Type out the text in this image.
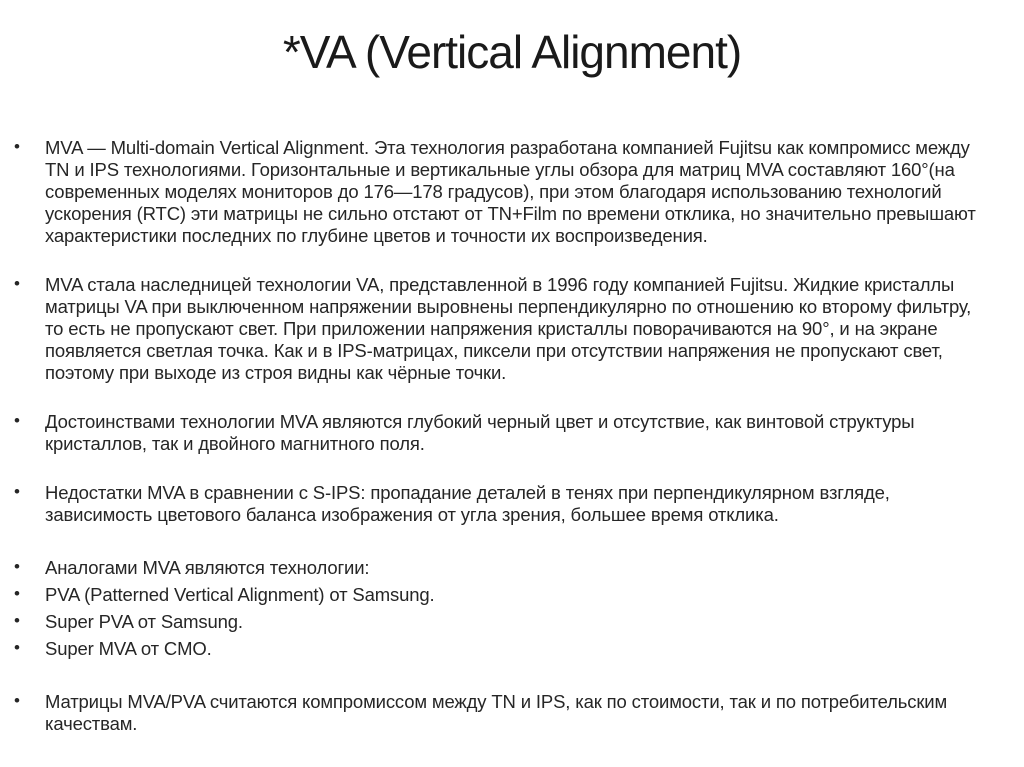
*VA (Vertical Alignment)
• MVA — Multi-domain Vertical Alignment. Эта технология разработана компанией Fujitsu как компромисс между TN и IPS технологиями. Горизонтальные и вертикальные углы обзора для матриц MVA составляют 160°(на современных моделях мониторов до 176—178 градусов), при этом благодаря использованию технологий ускорения (RTC) эти матрицы не сильно отстают от TN+Film по времени отклика, но значительно превышают характеристики последних по глубине цветов и точности их воспроизведения.
• MVA стала наследницей технологии VA, представленной в 1996 году компанией Fujitsu. Жидкие кристаллы матрицы VA при выключенном напряжении выровнены перпендикулярно по отношению ко второму фильтру, то есть не пропускают свет. При приложении напряжения кристаллы поворачиваются на 90°, и на экране появляется светлая точка. Как и в IPS-матрицах, пиксели при отсутствии напряжения не пропускают свет, поэтому при выходе из строя видны как чёрные точки.
• Достоинствами технологии MVA являются глубокий черный цвет и отсутствие, как винтовой структуры кристаллов, так и двойного магнитного поля.
• Недостатки MVA в сравнении с S-IPS: пропадание деталей в тенях при перпендикулярном взгляде, зависимость цветового баланса изображения от угла зрения, большее время отклика.
• Аналогами MVA являются технологии:
• PVA (Patterned Vertical Alignment) от Samsung.
• Super PVA от Samsung.
• Super MVA от CMO.
• Матрицы MVA/PVA считаются компромиссом между TN и IPS, как по стоимости, так и по потребительским качествам.
